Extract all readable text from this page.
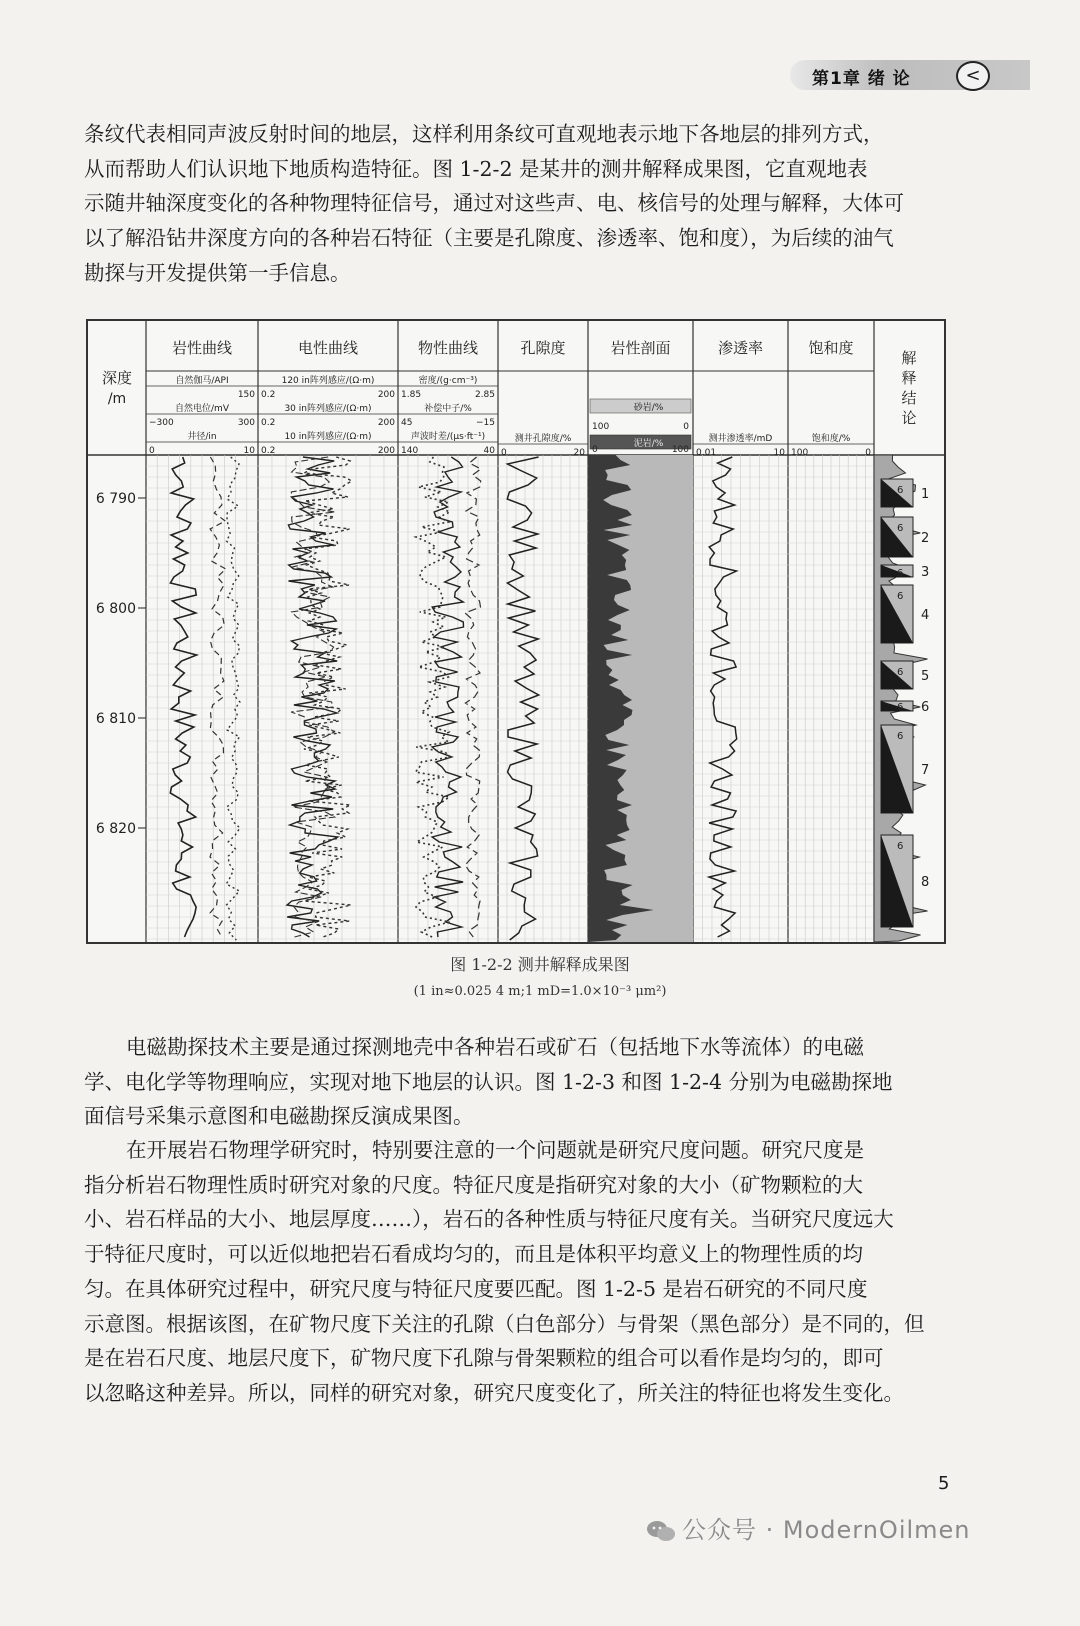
第1章 绪 论	<

条纹代表相同声波反射时间的地层，这样利用条纹可直观地表示地下各地层的排列方式，
从而帮助人们认识地下地质构造特征。图 1-2-2 是某井的测井解释成果图，它直观地表
示随井轴深度变化的各种物理特征信号，通过对这些声、电、核信号的处理与解释，大体可
以了解沿钻井深度方向的各种岩石特征（主要是孔隙度、渗透率、饱和度），为后续的油气
勘探与开发提供第一手信息。

深度
/m
岩性曲线
自然伽马/API
150
自然电位/mV
−300	300
井径/in
0	10
电性曲线
120 in阵列感应/(Ω·m)
0.2	200
30 in阵列感应/(Ω·m)
0.2	200
10 in阵列感应/(Ω·m)
0.2	200
物性曲线
密度/(g·cm⁻³)
1.85	2.85
补偿中子/%
45	−15
声波时差/(μs·ft⁻¹)
140	40
孔隙度
测井孔隙度/%
0	20
岩性剖面
砂岩/%
100	0
泥岩/%
0	100
渗透率
测井渗透率/mD
0.01	10
饱和度
饱和度/%
100	0
解
释
结
论
6 790
6 800
6 810
6 820
6 1
6
2
6 3
6
4
6 5
6 6
6
7
6
8
图 1-2-2 测井解释成果图
(1 in≈0.025 4 m;1 mD=1.0×10⁻³ μm²)

电磁勘探技术主要是通过探测地壳中各种岩石或矿石（包括地下水等流体）的电磁
学、电化学等物理响应，实现对地下地层的认识。图 1-2-3 和图 1-2-4 分别为电磁勘探地
面信号采集示意图和电磁勘探反演成果图。

在开展岩石物理学研究时，特别要注意的一个问题就是研究尺度问题。研究尺度是
指分析岩石物理性质时研究对象的尺度。特征尺度是指研究对象的大小（矿物颗粒的大
小、岩石样品的大小、地层厚度……），岩石的各种性质与特征尺度有关。当研究尺度远大
于特征尺度时，可以近似地把岩石看成均匀的，而且是体积平均意义上的物理性质的均
匀。在具体研究过程中，研究尺度与特征尺度要匹配。图 1-2-5 是岩石研究的不同尺度
示意图。根据该图，在矿物尺度下关注的孔隙（白色部分）与骨架（黑色部分）是不同的，但
是在岩石尺度、地层尺度下，矿物尺度下孔隙与骨架颗粒的组合可以看作是均匀的，即可
以忽略这种差异。所以，同样的研究对象，研究尺度变化了，所关注的特征也将发生变化。

5
公众号 · ModernOilmen
